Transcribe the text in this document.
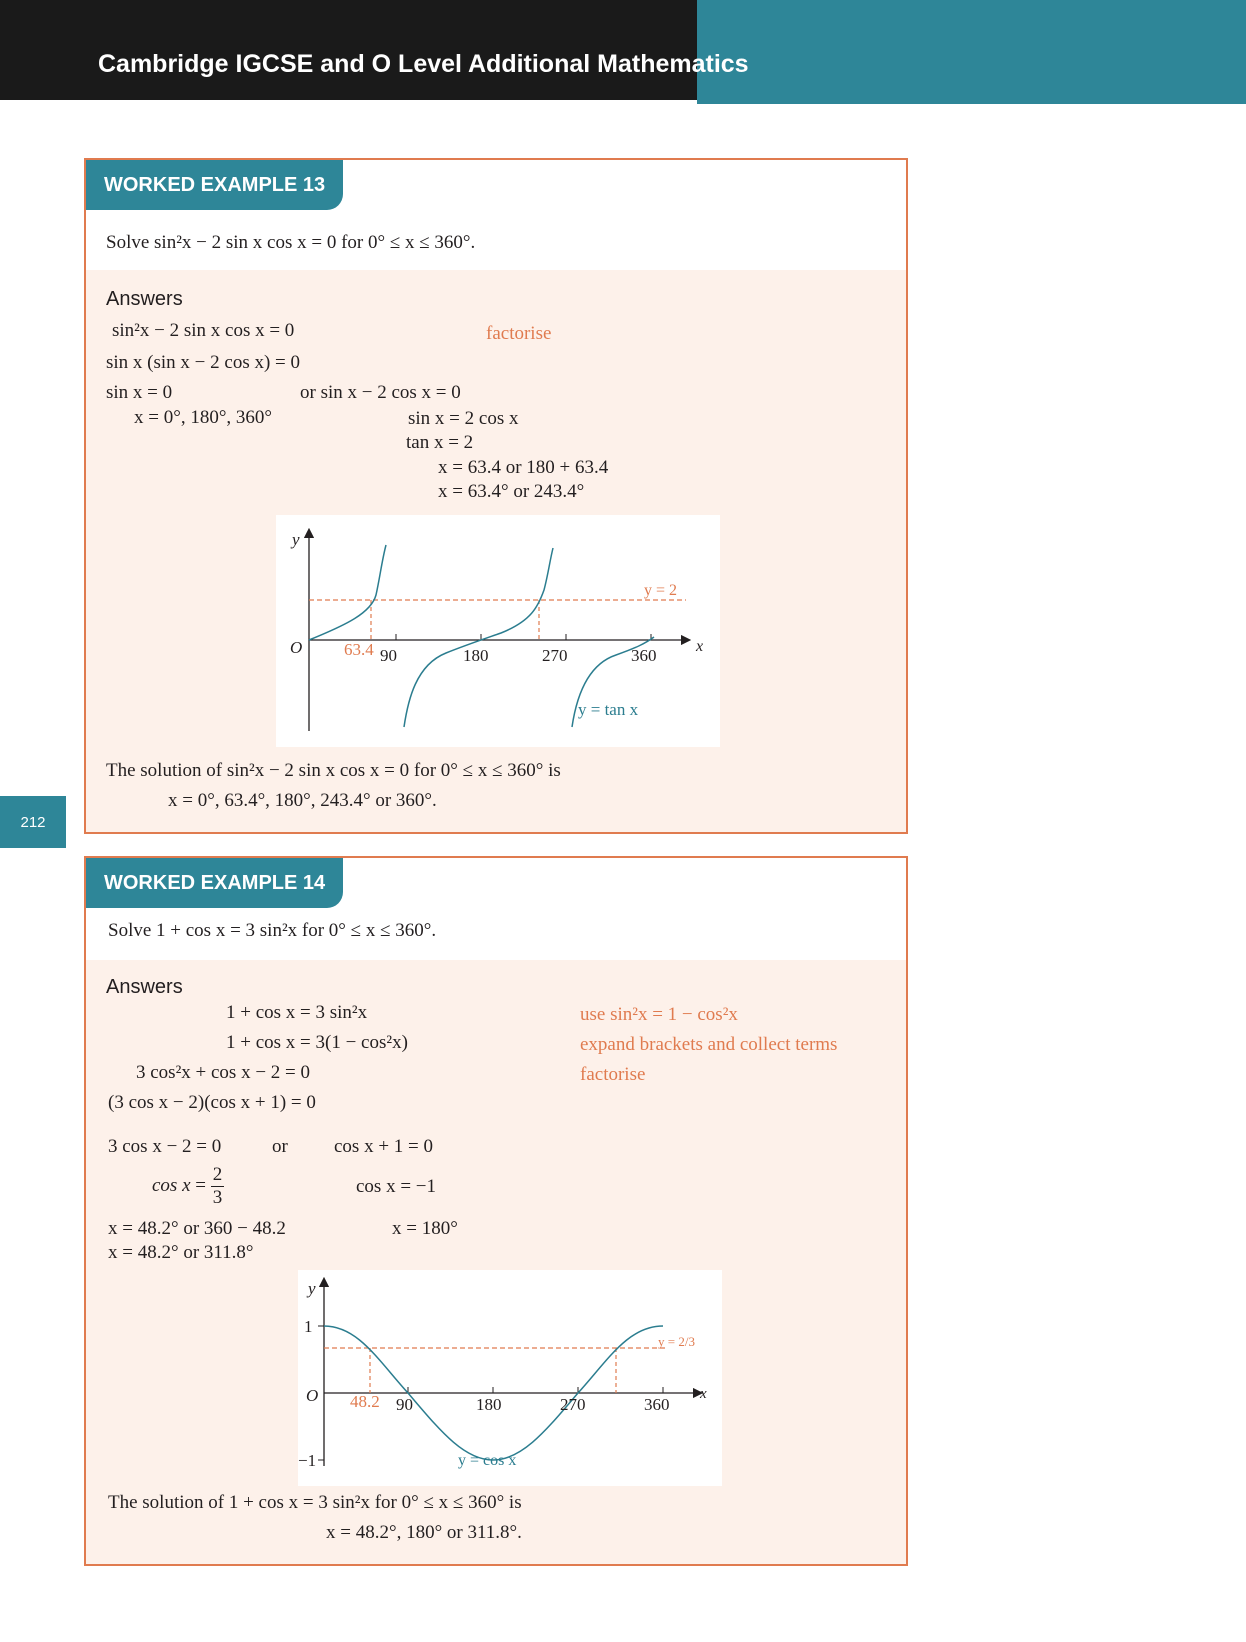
Cambridge IGCSE and O Level Additional Mathematics
212
WORKED EXAMPLE 13
Solve sin²x − 2 sin x cos x = 0 for 0° ≤ x ≤ 360°.
Answers
sin²x − 2 sin x cos x = 0	factorise
sin x (sin x − 2 cos x) = 0
sin x = 0	or sin x − 2 cos x = 0
x = 0°, 180°, 360°	sin x = 2 cos x
tan x = 2
x = 63.4 or 180 + 63.4
x = 63.4° or 243.4°
y
x
O 63.4 90	180	270	360
y = 2
y = tan x
The solution of sin²x − 2 sin x cos x = 0 for 0° ≤ x ≤ 360° is
x = 0°, 63.4°, 180°, 243.4° or 360°.
WORKED EXAMPLE 14
Solve 1 + cos x = 3 sin²x for 0° ≤ x ≤ 360°.
Answers
1 + cos x = 3 sin²x
1 + cos x = 3(1 − cos²x)
3 cos²x + cos x − 2 = 0
(3 cos x − 2)(cos x + 1) = 0
use sin²x = 1 − cos²x
expand brackets and collect terms
factorise
3 cos x − 2 = 0	or cos x + 1 = 0
$\cos x = \frac{2}{3}$	cos x = −1
x = 48.2° or 360 − 48.2	x = 180°
x = 48.2° or 311.8°
y
x
O
1
−1
48.2 90	180	270	360
y = 2/3
y = cos x
The solution of 1 + cos x = 3 sin²x for 0° ≤ x ≤ 360° is
x = 48.2°, 180° or 311.8°.
